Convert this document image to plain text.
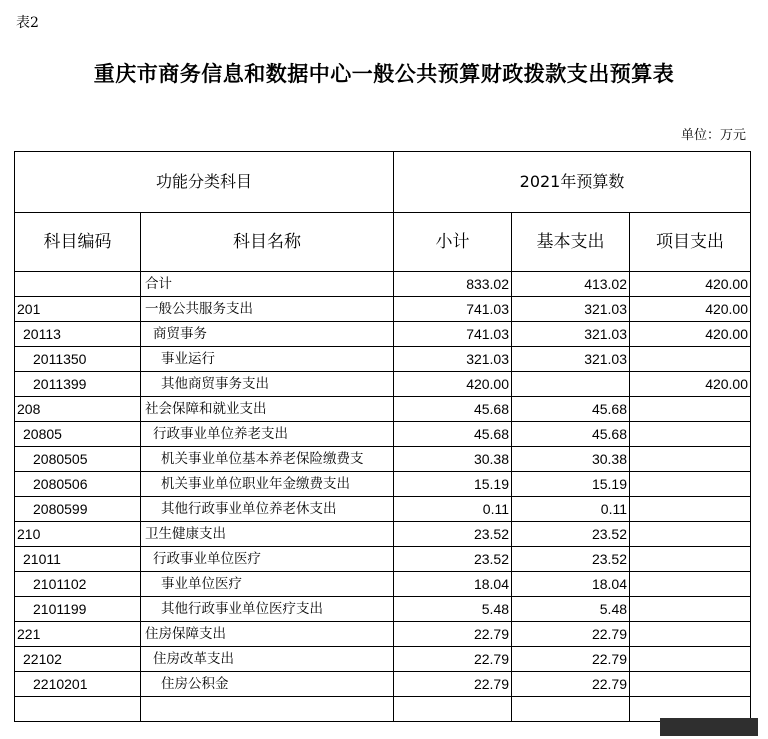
表2
重庆市商务信息和数据中心一般公共预算财政拨款支出预算表
单位：万元
功能分类科目		2021年预算数		
科目编码	科目名称	小计	基本支出	项目支出
	合计	833.02	413.02	420.00
201	一般公共服务支出	741.03	321.03	420.00
20113	商贸事务	741.03	321.03	420.00
2011350	事业运行	321.03	321.03	
2011399	其他商贸事务支出	420.00		420.00
208	社会保障和就业支出	45.68	45.68	
20805	行政事业单位养老支出	45.68	45.68	
2080505	机关事业单位基本养老保险缴费支	30.38	30.38	
2080506	机关事业单位职业年金缴费支出	15.19	15.19	
2080599	其他行政事业单位养老休支出	0.11	0.11	
210	卫生健康支出	23.52	23.52	
21011	行政事业单位医疗	23.52	23.52	
2101102	事业单位医疗	18.04	18.04	
2101199	其他行政事业单位医疗支出	5.48	5.48	
221	住房保障支出	22.79	22.79	
22102	住房改革支出	22.79	22.79	
2210201	住房公积金	22.79	22.79	
